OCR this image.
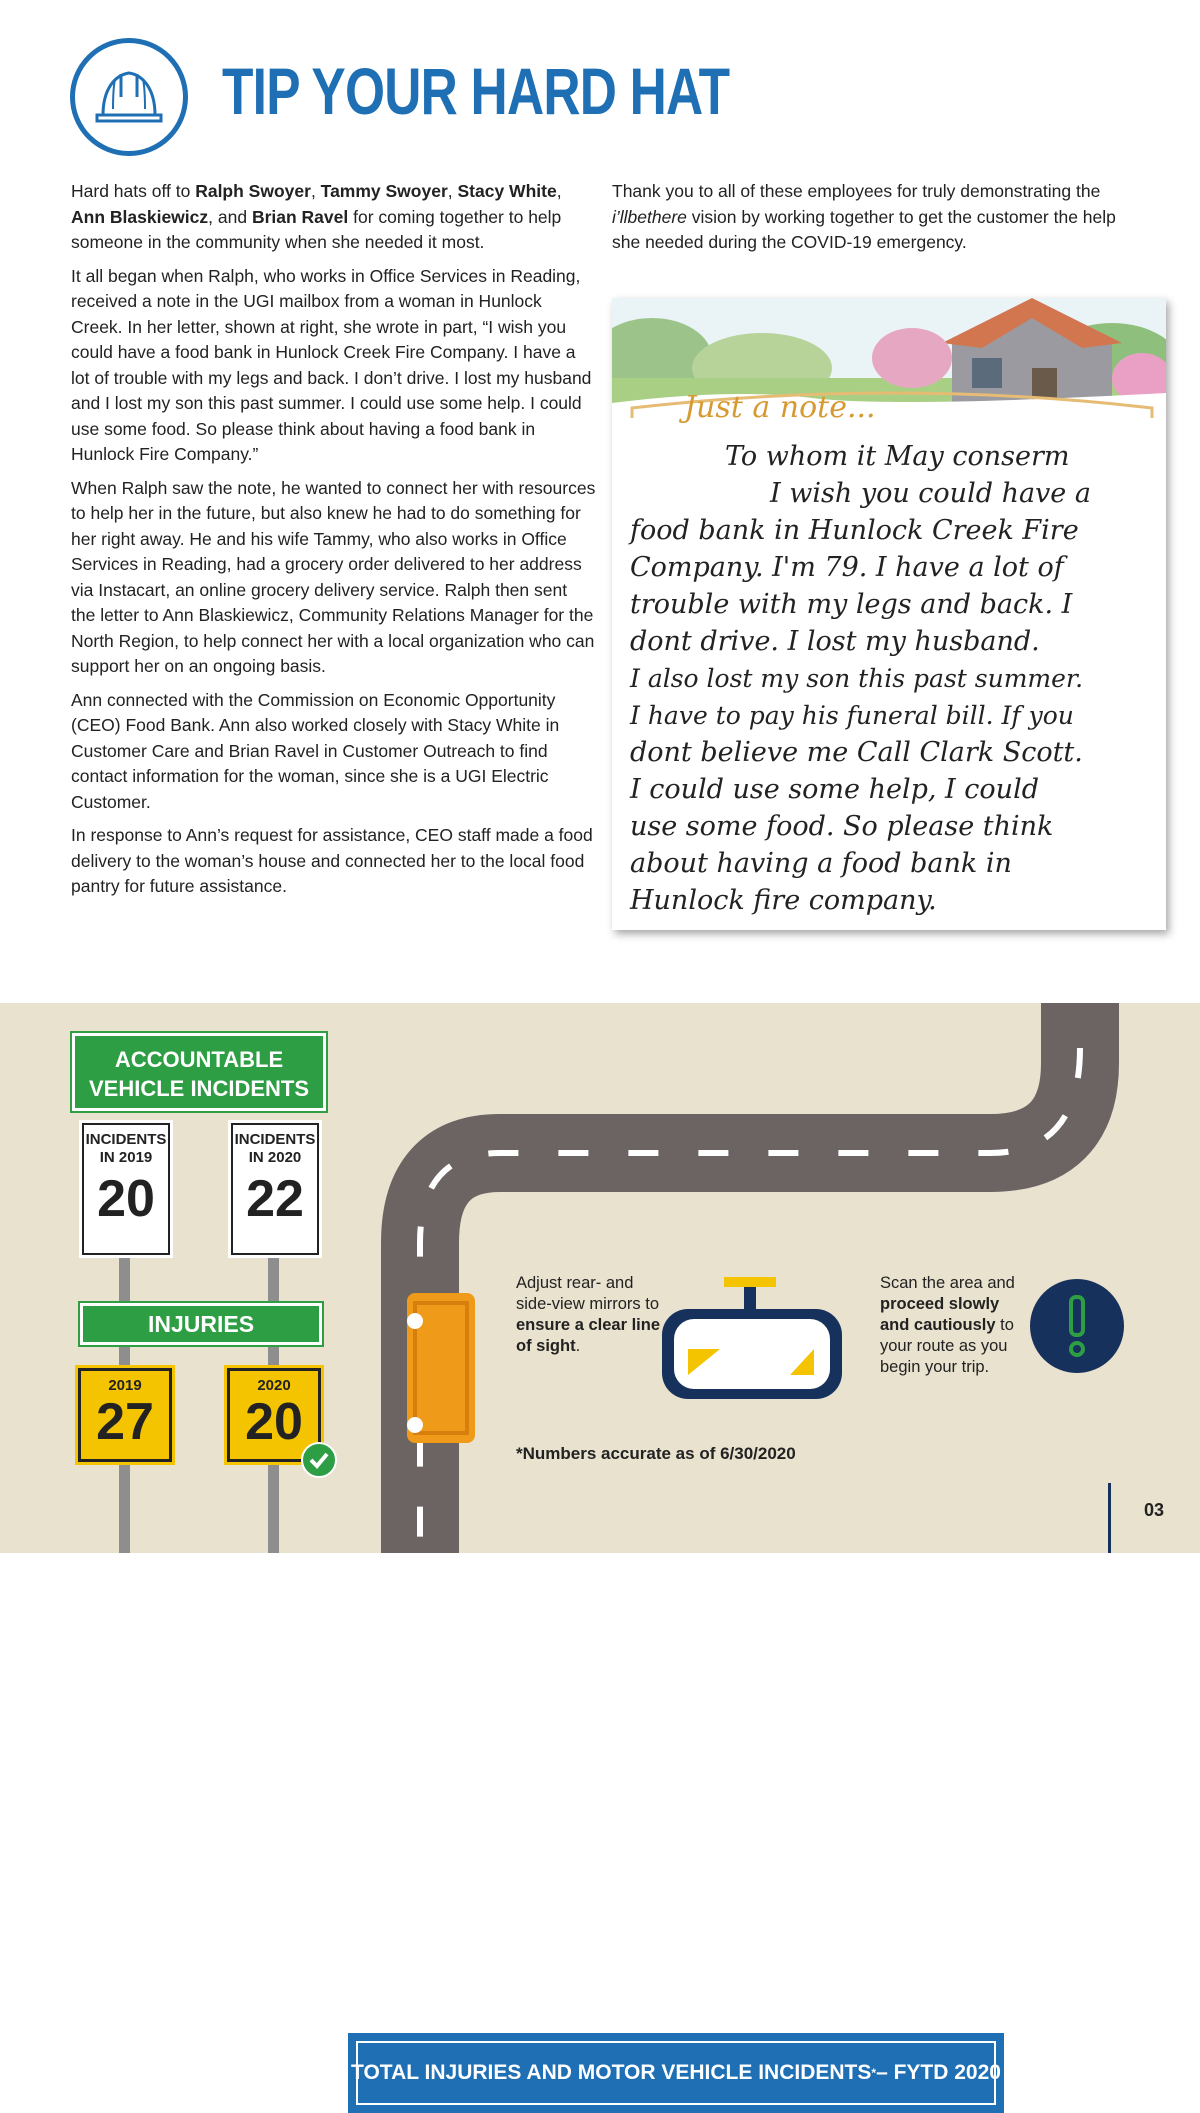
TIP YOUR HARD HAT

Hard hats off to Ralph Swoyer, Tammy Swoyer, Stacy White, Ann Blaskiewicz, and Brian Ravel for coming together to help someone in the community when she needed it most.

It all began when Ralph, who works in Office Services in Reading, received a note in the UGI mailbox from a woman in Hunlock Creek. In her letter, shown at right, she wrote in part, “I wish you could have a food bank in Hunlock Creek Fire Company. I have a lot of trouble with my legs and back. I don’t drive. I lost my husband and I lost my son this past summer. I could use some help. I could use some food. So please think about having a food bank in Hunlock Fire Company.”

When Ralph saw the note, he wanted to connect her with resources to help her in the future, but also knew he had to do something for her right away. He and his wife Tammy, who also works in Office Services in Reading, had a grocery order delivered to her address via Instacart, an online grocery delivery service. Ralph then sent the letter to Ann Blaskiewicz, Community Relations Manager for the North Region, to help connect her with a local organization who can support her on an ongoing basis.

Ann connected with the Commission on Economic Opportunity (CEO) Food Bank. Ann also worked closely with Stacy White in Customer Care and Brian Ravel in Customer Outreach to find contact information for the woman, since she is a UGI Electric Customer.

In response to Ann’s request for assistance, CEO staff made a food delivery to the woman’s house and connected her to the local food pantry for future assistance.

Thank you to all of these employees for truly demonstrating the i’llbethere vision by working together to get the customer the help she needed during the COVID-19 emergency.

Just a note...
To whom it May conserm
I wish you could have a
food bank in Hunlock Creek Fire
Company. I'm 79. I have a lot of
trouble with my legs and back. I
dont drive. I lost my husband.
I also lost my son this past summer.
I have to pay his funeral bill. If you
dont believe me Call Clark Scott.
I could use some help, I could
use some food. So please think
about having a food bank in
Hunlock fire company.
ACCOUNTABLE
VEHICLE INCIDENTS
INCIDENTS
IN 2019
20
INCIDENTS
IN 2020
22
INJURIES
2019
27
2020
20
TOTAL INJURIES AND MOTOR VEHICLE INCIDENTS * – FYTD 2020
Adjust rear- and side-view mirrors to ensure a clear line of sight.
Scan the area and proceed slowly and cautiously to your route as you begin your trip.
*Numbers accurate as of 6/30/2020
03
